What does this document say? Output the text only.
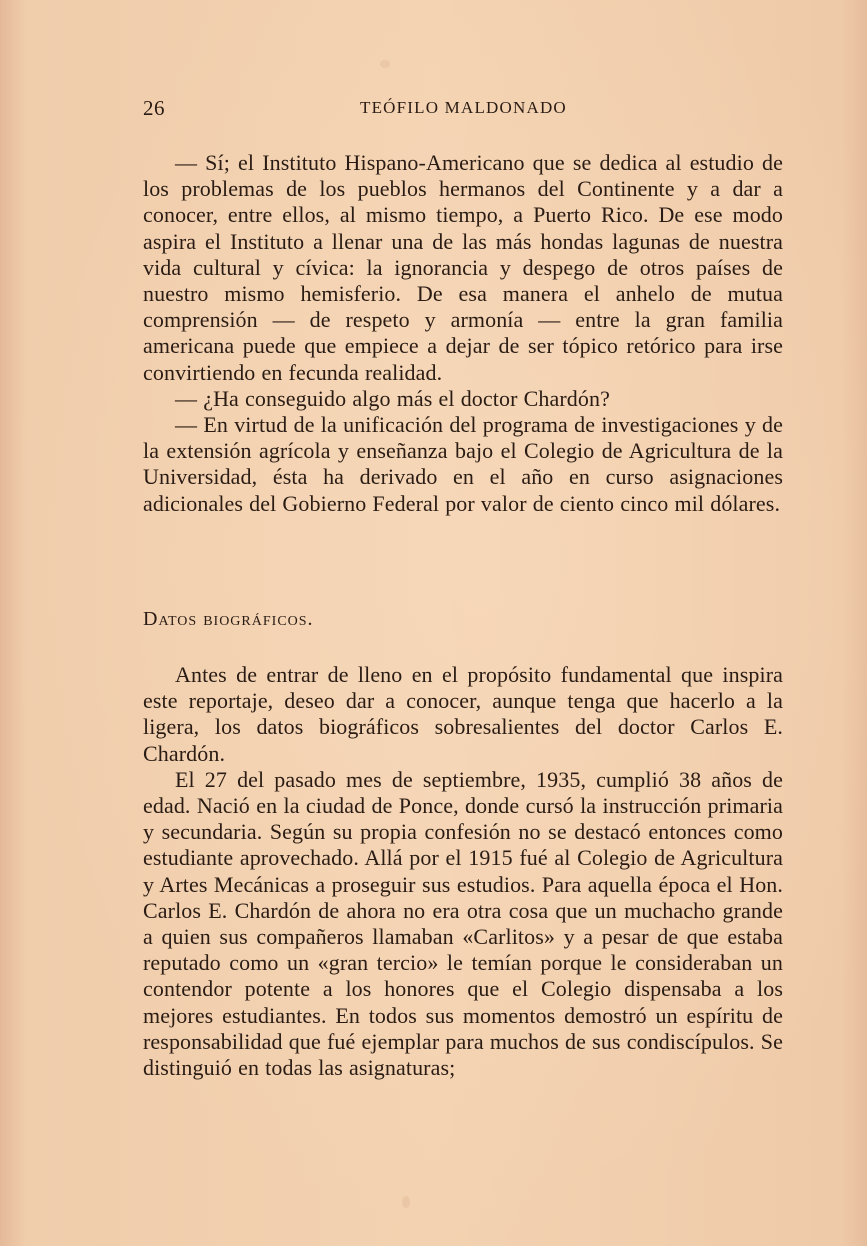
26	TEÓFILO MALDONADO

— Sí; el Instituto Hispano-Americano que se dedica al estudio de los problemas de los pueblos hermanos del Continente y a dar a conocer, entre ellos, al mismo tiempo, a Puerto Rico. De ese modo aspira el Instituto a llenar una de las más hondas lagunas de nuestra vida cultural y cívica: la ignorancia y despego de otros países de nuestro mismo hemisferio. De esa manera el anhelo de mutua comprensión — de respeto y armonía — entre la gran familia americana puede que empiece a dejar de ser tópico retórico para irse convirtiendo en fecunda realidad.

— ¿Ha conseguido algo más el doctor Chardón?

— En virtud de la unificación del programa de investigaciones y de la extensión agrícola y enseñanza bajo el Colegio de Agricultura de la Universidad, ésta ha derivado en el año en curso asignaciones adicionales del Gobierno Federal por valor de ciento cinco mil dólares.

Datos biográficos.

Antes de entrar de lleno en el propósito fundamental que inspira este reportaje, deseo dar a conocer, aunque tenga que hacerlo a la ligera, los datos biográficos sobresalientes del doctor Carlos E. Chardón.

El 27 del pasado mes de septiembre, 1935, cumplió 38 años de edad. Nació en la ciudad de Ponce, donde cursó la instrucción primaria y secundaria. Según su propia confesión no se destacó entonces como estudiante aprovechado. Allá por el 1915 fué al Colegio de Agricultura y Artes Mecánicas a proseguir sus estudios. Para aquella época el Hon. Carlos E. Chardón de ahora no era otra cosa que un muchacho grande a quien sus compañeros llamaban «Carlitos» y a pesar de que estaba reputado como un «gran tercio» le temían porque le consideraban un contendor potente a los honores que el Colegio dispensaba a los mejores estudiantes. En todos sus momentos demostró un espíritu de responsabilidad que fué ejemplar para muchos de sus condiscípulos. Se distinguió en todas las asignaturas;
